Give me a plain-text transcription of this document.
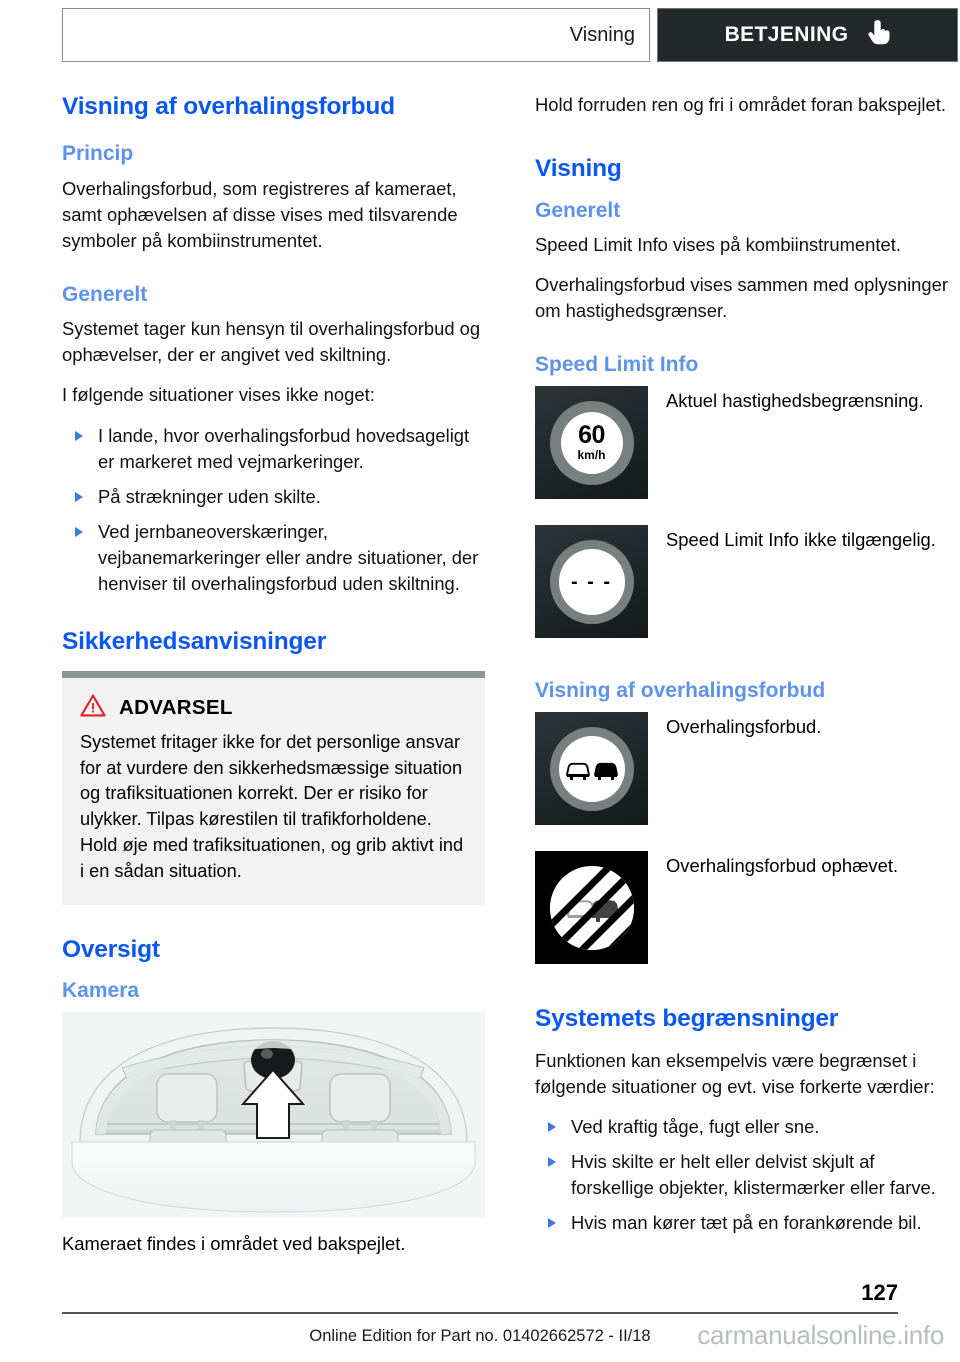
Visning	BETJENING
Visning af overhalingsforbud
Princip

Overhalingsforbud, som registreres af kameraet, samt ophævelsen af disse vises med tilsvarende symboler på kombiinstrumentet.

Generelt

Systemet tager kun hensyn til overhalingsforbud og ophævelser, der er angivet ved skiltning.

I følgende situationer vises ikke noget:

I lande, hvor overhalingsforbud hovedsageligt er markeret med vejmarkeringer.
På strækninger uden skilte.
Ved jernbaneoverskæringer, vejbanemarkeringer eller andre situationer, der henviser til overhalingsforbud uden skiltning.
Sikkerhedsanvisninger
ADVARSEL

Systemet fritager ikke for det personlige ansvar for at vurdere den sikkerhedsmæssige situation og trafiksituationen korrekt. Der er risiko for ulykker. Tilpas kørestilen til trafikforholdene. Hold øje med trafiksituationen, og grib aktivt ind i en sådan situation.

Oversigt
Kamera

Kameraet findes i området ved bakspejlet.

Hold forruden ren og fri i området foran bakspejlet.

Visning
Generelt

Speed Limit Info vises på kombiinstrumentet.

Overhalingsforbud vises sammen med oplysninger om hastighedsgrænser.

Speed Limit Info
60
km/h
Aktuel hastighedsbegrænsning.
- - -
Speed Limit Info ikke tilgængelig.
Visning af overhalingsforbud
Overhalingsforbud.
Overhalingsforbud ophævet.
Systemets begrænsninger

Funktionen kan eksempelvis være begrænset i følgende situationer og evt. vise forkerte værdier:

Ved kraftig tåge, fugt eller sne.
Hvis skilte er helt eller delvist skjult af forskellige objekter, klistermærker eller farve.
Hvis man kører tæt på en forankørende bil.
127
Online Edition for Part no. 01402662572 - II/18	carmanualsonline.info
